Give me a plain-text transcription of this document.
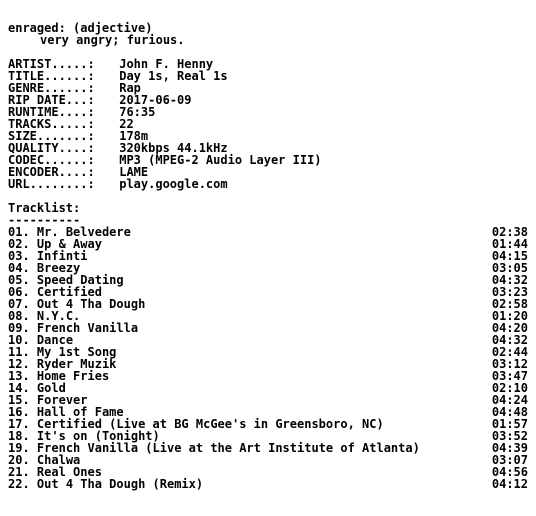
enraged: (adjective)
very angry; furious.
ARTIST.....: John F. Henny
TITLE......: Day 1s, Real 1s
GENRE......: Rap
RIP DATE...: 2017-06-09
RUNTIME....: 76:35
TRACKS.....: 22
SIZE.......: 178m
QUALITY....: 320kbps 44.1kHz
CODEC......: MP3 (MPEG-2 Audio Layer III)
ENCODER....: LAME
URL........: play.google.com
Tracklist:
----------
01. Mr. Belvedere	02:38
02. Up & Away	01:44
03. Infinti	04:15
04. Breezy	03:05
05. Speed Dating	04:32
06. Certified	03:23
07. Out 4 Tha Dough	02:58
08. N.Y.C.	01:20
09. French Vanilla	04:20
10. Dance	04:32
11. My 1st Song	02:44
12. Ryder Muzik	03:12
13. Home Fries	03:47
14. Gold	02:10
15. Forever	04:24
16. Hall of Fame	04:48
17. Certified (Live at BG McGee's in Greensboro, NC)	01:57
18. It's on (Tonight)	03:52
19. French Vanilla (Live at the Art Institute of Atlanta)	04:39
20. Chalwa	03:07
21. Real Ones	04:56
22. Out 4 Tha Dough (Remix)	04:12
